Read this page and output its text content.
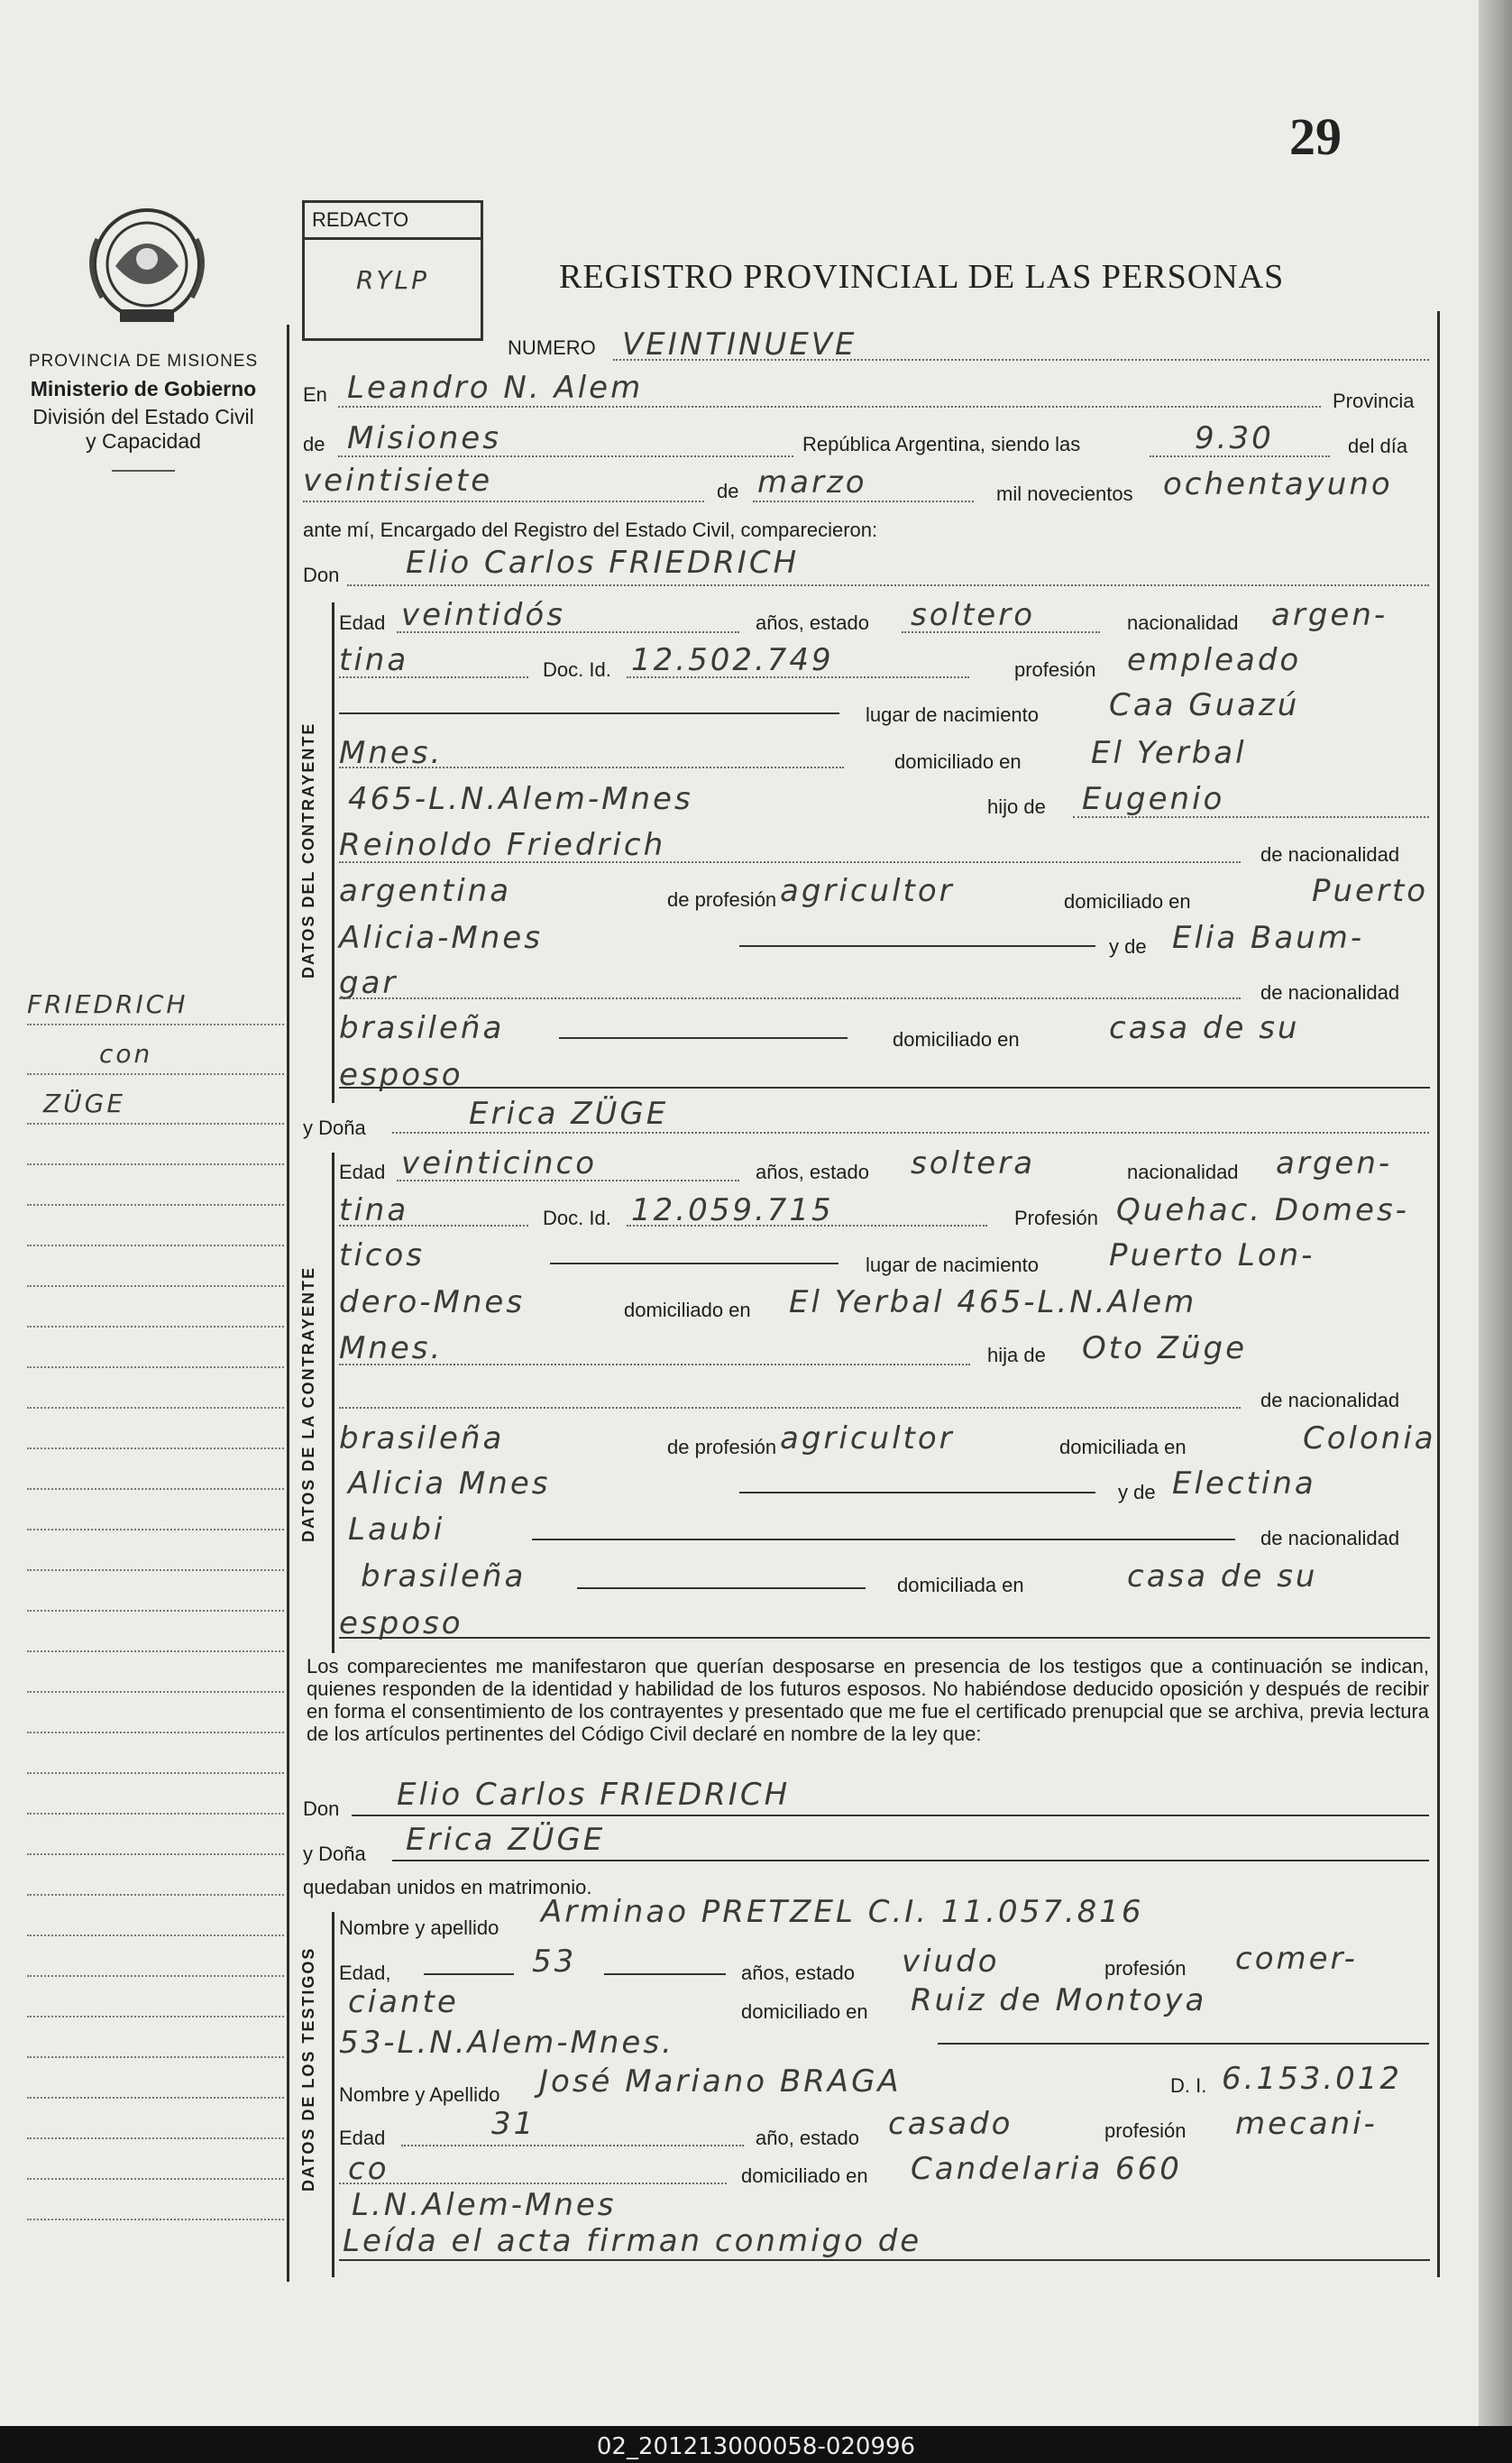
29
PROVINCIA DE MISIONES
Ministerio de Gobierno
División del Estado Civil
y Capacidad
FRIEDRICH
con
ZÜGE
REDACTO
RYLP	REGISTRO PROVINCIAL DE LAS PERSONAS
NUMERO VEINTINUEVE
En Leandro N. Alem	Provincia
de Misiones	República Argentina, siendo las	9.30	del día
veintisiete	de marzo	mil novecientos ochentayuno
ante mí, Encargado del Registro del Estado Civil, comparecieron:
Don Elio Carlos FRIEDRICH
DATOS DEL CONTRAYENTE
Edad veintidós	años, estado soltero	nacionalidad argen-
tina	Doc. Id. 12.502.749	profesión empleado
lugar de nacimiento Caa Guazú
Mnes.	domiciliado en El Yerbal
465-L.N.Alem-Mnes	hijo de Eugenio
Reinoldo Friedrich	de nacionalidad
argentina	de profesión agricultor	domiciliado en	Puerto
Alicia-Mnes	y de Elia Baum-
gar	de nacionalidad
brasileña	domiciliado en	casa de su
esposo
y Doña	Erica ZÜGE
DATOS DE LA CONTRAYENTE
Edad veinticinco	años, estado soltera	nacionalidad argen-
tina	Doc. Id. 12.059.715	Profesión Quehac. Domes-
ticos	lugar de nacimiento Puerto Lon-
dero-Mnes	domiciliado en El Yerbal 465-L.N.Alem
Mnes.	hija de Oto Züge
de nacionalidad
brasileña	de profesión agricultor	domiciliada en	Colonia
Alicia Mnes	y de Electina
Laubi	de nacionalidad
brasileña	domiciliada en	casa de su
esposo
Los comparecientes me manifestaron que querían desposarse en presencia de los testigos que a continuación se indican, quienes responden de la identidad y habilidad de los futuros esposos. No habiéndose deducido oposición y después de recibir en forma el consentimiento de los contrayentes y presentado que me fue el certificado prenupcial que se archiva, previa lectura de los artículos pertinentes del Código Civil declaré en nombre de la ley que:
Don Elio Carlos FRIEDRICH
y Doña Erica ZÜGE
quedaban unidos en matrimonio.
DATOS DE LOS TESTIGOS
Nombre y apellido Arminao PRETZEL C.I. 11.057.816
Edad,	53	años, estado viudo	profesión comer-
ciante	domiciliado en Ruiz de Montoya
53-L.N.Alem-Mnes.
Nombre y Apellido José Mariano BRAGA	D. I. 6.153.012
Edad	31	año, estado casado	profesión mecani-
co	domiciliado en Candelaria 660
L.N.Alem-Mnes
Leída el acta firman conmigo de
02_201213000058-020996
